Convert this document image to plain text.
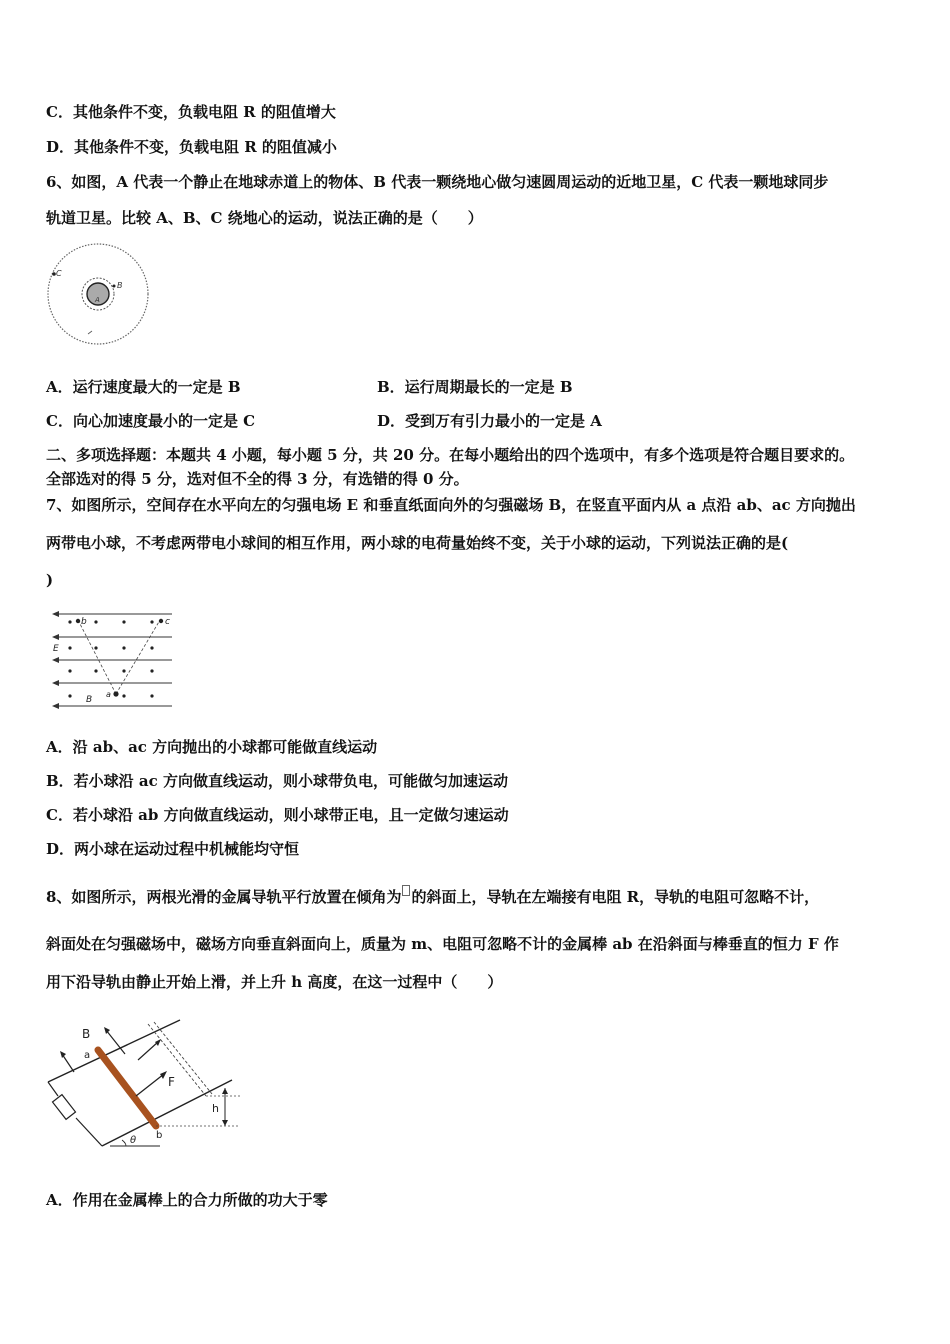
C．其他条件不变，负载电阻 R 的阻值增大
D．其他条件不变，负载电阻 R 的阻值减小
6、如图，A 代表一个静止在地球赤道上的物体、B 代表一颗绕地心做匀速圆周运动的近地卫星，C 代表一颗地球同步
轨道卫星。比较 A、B、C 绕地心的运动，说法正确的是（　　）
C
B
A
A．运行速度最大的一定是 B	B．运行周期最长的一定是 B
C．向心加速度最小的一定是 C	D．受到万有引力最小的一定是 A
二、多项选择题：本题共 4 小题，每小题 5 分，共 20 分。在每小题给出的四个选项中，有多个选项是符合题目要求的。
全部选对的得 5 分，选对但不全的得 3 分，有选错的得 0 分。
7、如图所示，空间存在水平向左的匀强电场 E 和垂直纸面向外的匀强磁场 B，在竖直平面内从 a 点沿 ab、ac 方向抛出
两带电小球，不考虑两带电小球间的相互作用，两小球的电荷量始终不变，关于小球的运动，下列说法正确的是(
)
b	c
E
a
B
A．沿 ab、ac 方向抛出的小球都可能做直线运动
B．若小球沿 ac 方向做直线运动，则小球带负电，可能做匀加速运动
C．若小球沿 ab 方向做直线运动，则小球带正电，且一定做匀速运动
D．两小球在运动过程中机械能均守恒
8、如图所示，两根光滑的金属导轨平行放置在倾角为 的斜面上，导轨在左端接有电阻 R，导轨的电阻可忽略不计，
斜面处在匀强磁场中，磁场方向垂直斜面向上，质量为 m、电阻可忽略不计的金属棒 ab 在沿斜面与棒垂直的恒力 F 作
用下沿导轨由静止开始上滑，并上升 h 高度，在这一过程中（　　）
B
a
F
h
b
θ
A．作用在金属棒上的合力所做的功大于零
